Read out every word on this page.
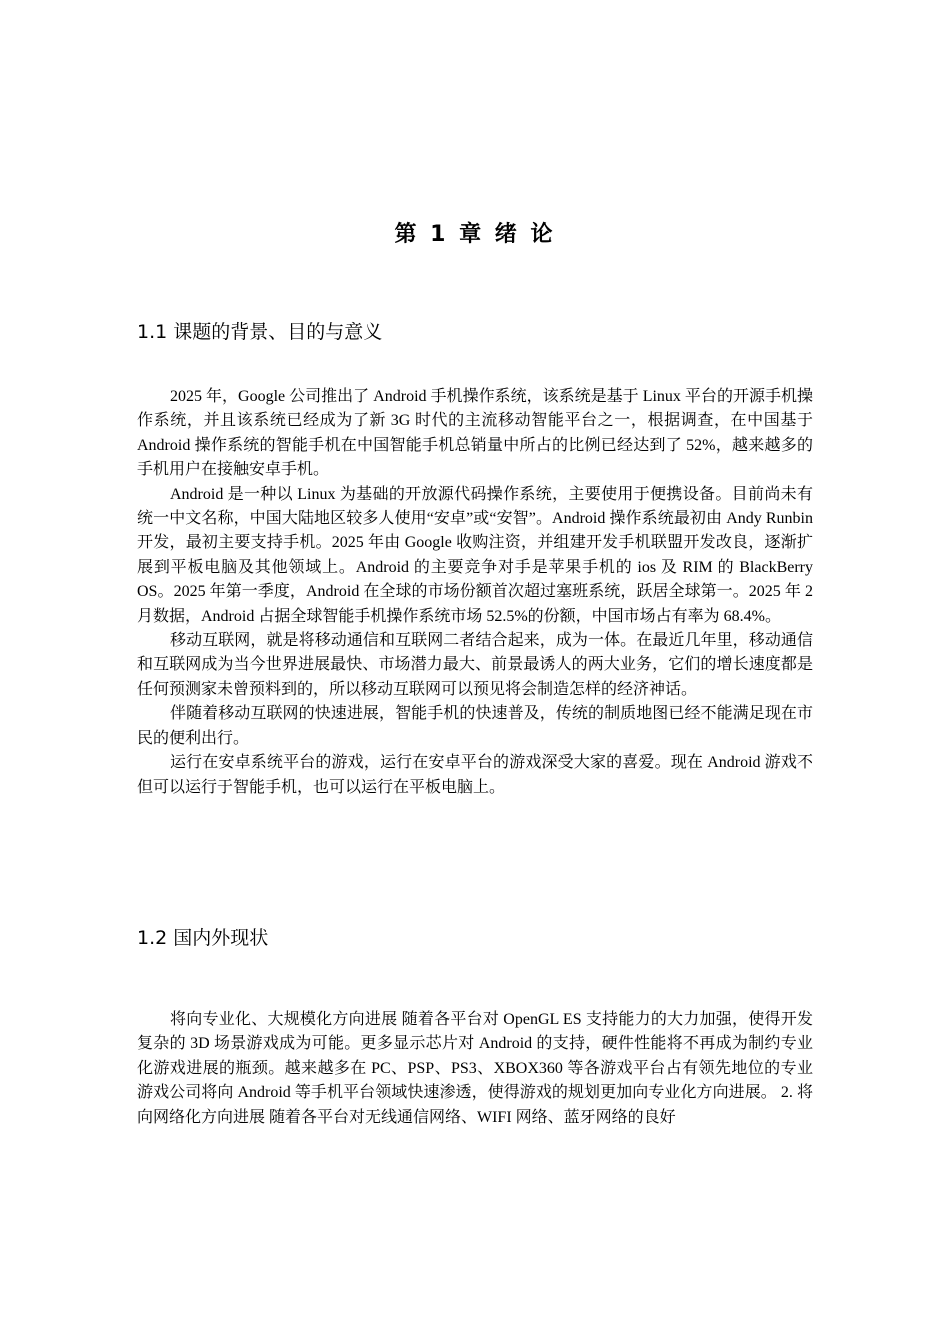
第 1 章 绪 论
1.1 课题的背景、目的与意义

2025 年，Google 公司推出了 Android 手机操作系统，该系统是基于 Linux 平台的开源手机操作系统，并且该系统已经成为了新 3G 时代的主流移动智能平台之一，根据调查，在中国基于 Android 操作系统的智能手机在中国智能手机总销量中所占的比例已经达到了 52%，越来越多的手机用户在接触安卓手机。

Android 是一种以 Linux 为基础的开放源代码操作系统，主要使用于便携设备。目前尚未有统一中文名称，中国大陆地区较多人使用“安卓”或“安智”。Android 操作系统最初由 Andy Runbin 开发，最初主要支持手机。2025 年由 Google 收购注资，并组建开发手机联盟开发改良，逐渐扩展到平板电脑及其他领域上。Android 的主要竞争对手是苹果手机的 ios 及 RIM 的 BlackBerry OS。2025 年第一季度，Android 在全球的市场份额首次超过塞班系统，跃居全球第一。2025 年 2 月数据，Android 占据全球智能手机操作系统市场 52.5%的份额，中国市场占有率为 68.4%。

移动互联网，就是将移动通信和互联网二者结合起来，成为一体。在最近几年里，移动通信和互联网成为当今世界进展最快、市场潜力最大、前景最诱人的两大业务，它们的增长速度都是任何预测家未曾预料到的，所以移动互联网可以预见将会制造怎样的经济神话。

伴随着移动互联网的快速进展，智能手机的快速普及，传统的制质地图已经不能满足现在市民的便利出行。

运行在安卓系统平台的游戏，运行在安卓平台的游戏深受大家的喜爱。现在 Android 游戏不但可以运行于智能手机，也可以运行在平板电脑上。

1.2 国内外现状

将向专业化、大规模化方向进展 随着各平台对 OpenGL ES 支持能力的大力加强，使得开发复杂的 3D 场景游戏成为可能。更多显示芯片对 Android 的支持，硬件性能将不再成为制约专业化游戏进展的瓶颈。越来越多在 PC、PSP、PS3、XBOX360 等各游戏平台占有领先地位的专业游戏公司将向 Android 等手机平台领域快速渗透，使得游戏的规划更加向专业化方向进展。 2. 将向网络化方向进展 随着各平台对无线通信网络、WIFI 网络、蓝牙网络的良好
